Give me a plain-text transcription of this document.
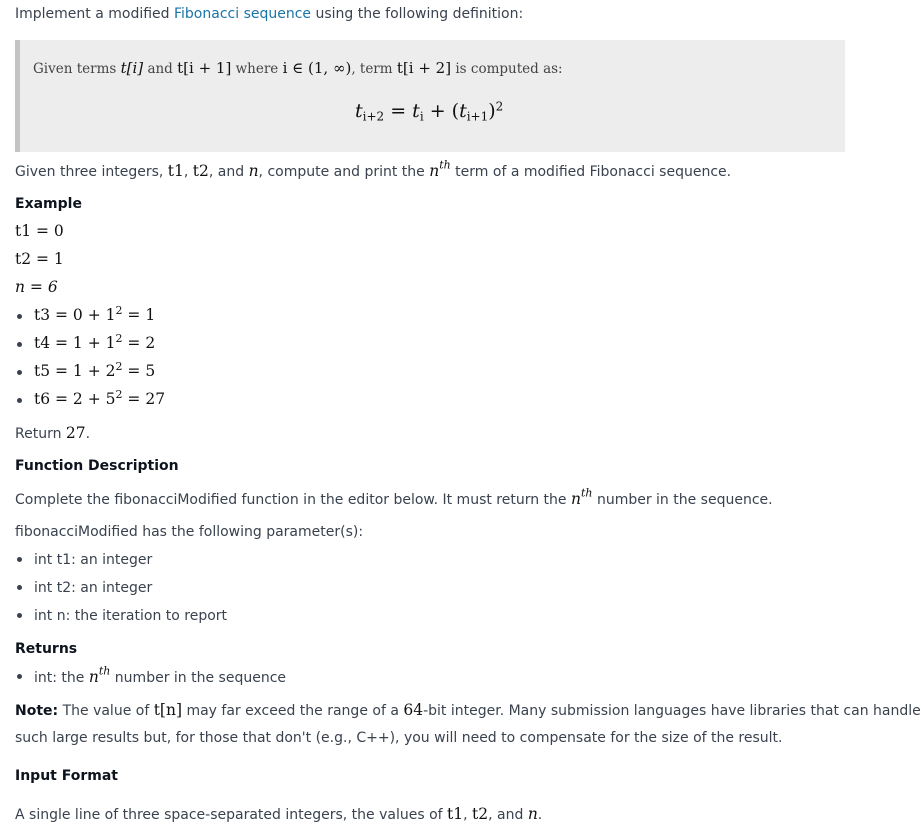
Implement a modified Fibonacci sequence using the following definition:
Given terms t[i] and t[i + 1] where i ∈ (1, ∞), term t[i + 2] is computed as:
$t_{i+2} = t_i + (t_{i+1})^2$
Given three integers, t1, t2, and n, compute and print the $n^{th}$ term of a modified Fibonacci sequence.
Example
t1 = 0
t2 = 1
n = 6
$t3 = 0 + 1^2 = 1$
$t4 = 1 + 1^2 = 2$
$t5 = 1 + 2^2 = 5$
$t6 = 2 + 5^2 = 27$
Return 27.
Function Description
Complete the fibonacciModified function in the editor below. It must return the $n^{th}$ number in the sequence.
fibonacciModified has the following parameter(s):
int t1: an integer
int t2: an integer
int n: the iteration to report
Returns
int: the $n^{th}$ number in the sequence
Note: The value of t[n] may far exceed the range of a 64-bit integer. Many submission languages have libraries that can handle
such large results but, for those that don't (e.g., C++), you will need to compensate for the size of the result.
Input Format
A single line of three space-separated integers, the values of t1, t2, and n.
